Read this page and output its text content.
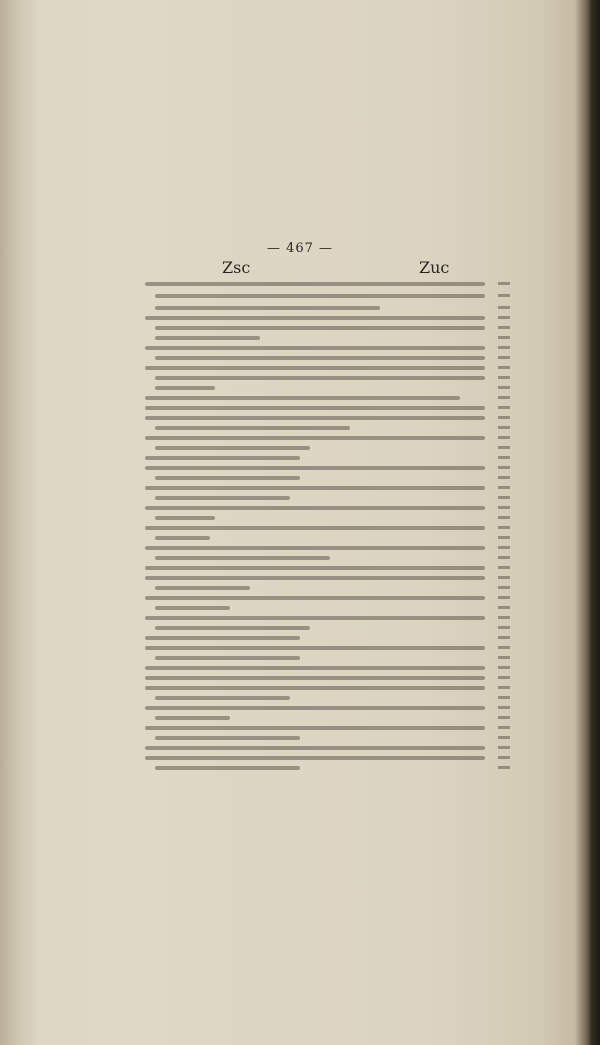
— 467 —
Zsc	Zuc
